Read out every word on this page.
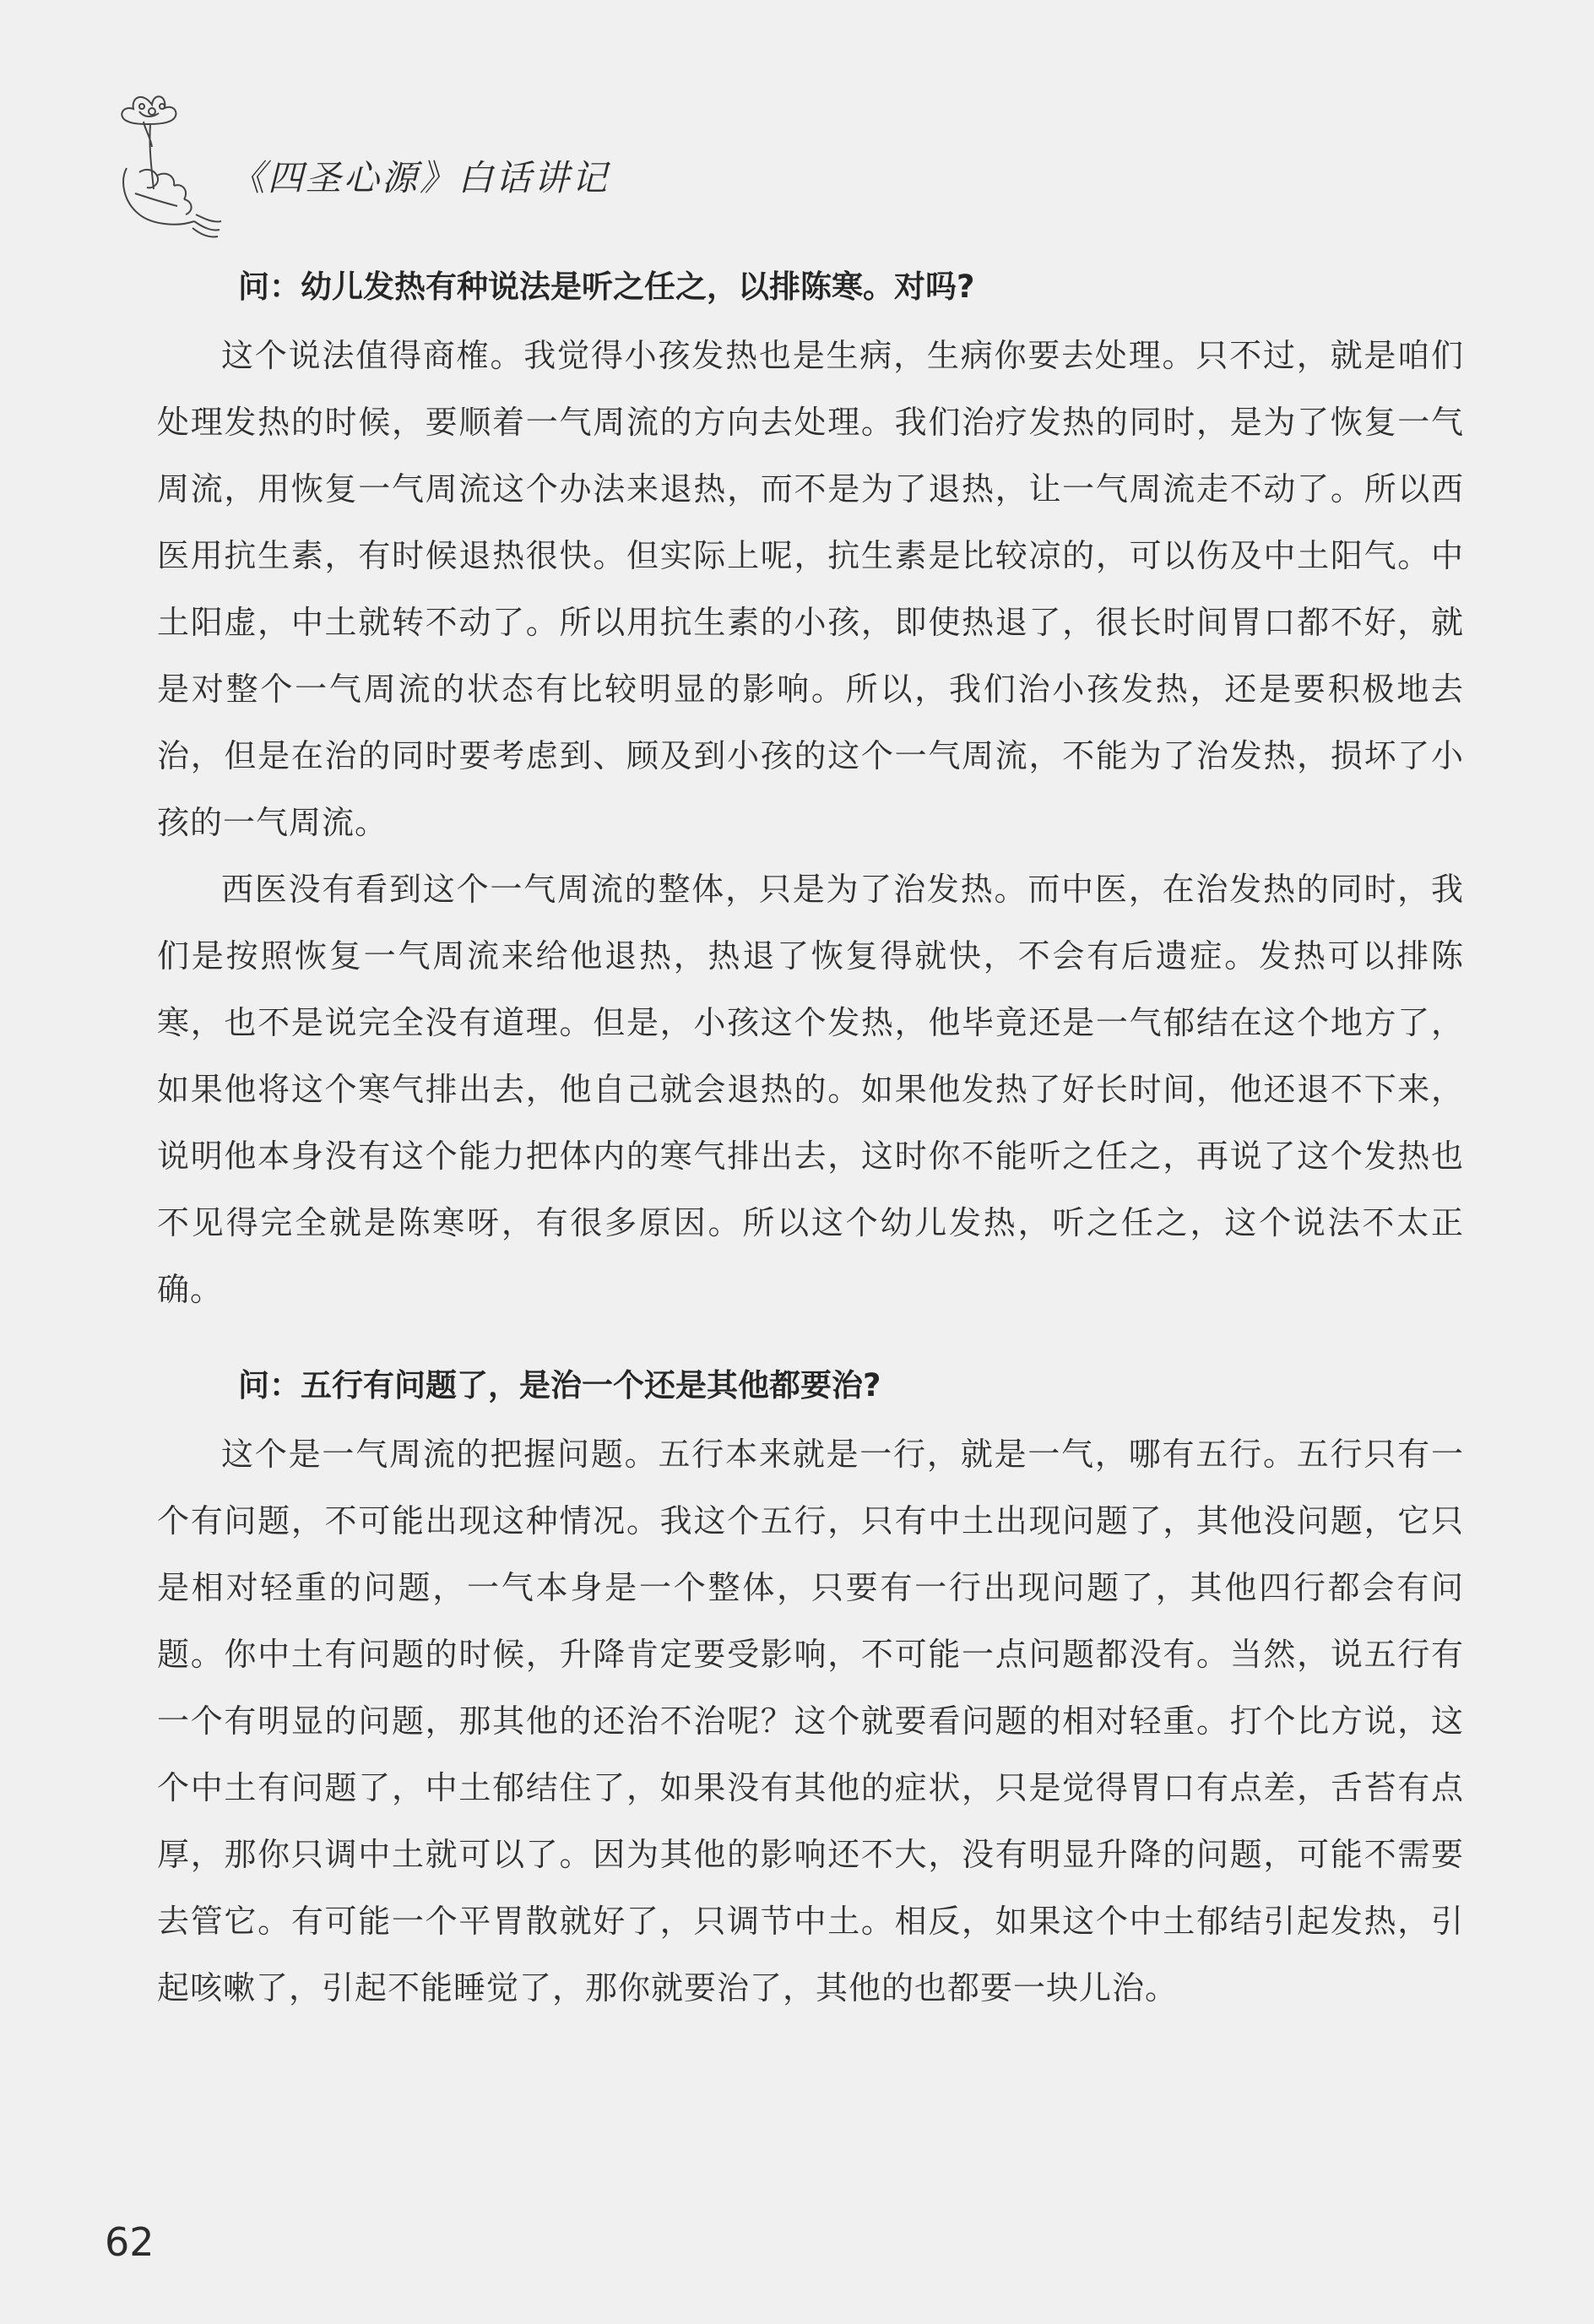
《四圣心源》白话讲记
问：幼儿发热有种说法是听之任之，以排陈寒。对吗?

这个说法值得商榷。我觉得小孩发热也是生病，生病你要去处理。只不过，就是咱们处理发热的时候，要顺着一气周流的方向去处理。我们治疗发热的同时，是为了恢复一气周流，用恢复一气周流这个办法来退热，而不是为了退热，让一气周流走不动了。所以西医用抗生素，有时候退热很快。但实际上呢，抗生素是比较凉的，可以伤及中土阳气。中土阳虚，中土就转不动了。所以用抗生素的小孩，即使热退了，很长时间胃口都不好，就是对整个一气周流的状态有比较明显的影响。所以，我们治小孩发热，还是要积极地去治，但是在治的同时要考虑到、顾及到小孩的这个一气周流，不能为了治发热，损坏了小孩的一气周流。

西医没有看到这个一气周流的整体，只是为了治发热。而中医，在治发热的同时，我们是按照恢复一气周流来给他退热，热退了恢复得就快，不会有后遗症。发热可以排陈寒，也不是说完全没有道理。但是，小孩这个发热，他毕竟还是一气郁结在这个地方了，如果他将这个寒气排出去，他自己就会退热的。如果他发热了好长时间，他还退不下来，说明他本身没有这个能力把体内的寒气排出去，这时你不能听之任之，再说了这个发热也不见得完全就是陈寒呀，有很多原因。所以这个幼儿发热，听之任之，这个说法不太正确。

问：五行有问题了，是治一个还是其他都要治?

这个是一气周流的把握问题。五行本来就是一行，就是一气，哪有五行。五行只有一个有问题，不可能出现这种情况。我这个五行，只有中土出现问题了，其他没问题，它只是相对轻重的问题，一气本身是一个整体，只要有一行出现问题了，其他四行都会有问题。你中土有问题的时候，升降肯定要受影响，不可能一点问题都没有。当然，说五行有一个有明显的问题，那其他的还治不治呢？这个就要看问题的相对轻重。打个比方说，这个中土有问题了，中土郁结住了，如果没有其他的症状，只是觉得胃口有点差，舌苔有点厚，那你只调中土就可以了。因为其他的影响还不大，没有明显升降的问题，可能不需要去管它。有可能一个平胃散就好了，只调节中土。相反，如果这个中土郁结引起发热，引起咳嗽了，引起不能睡觉了，那你就要治了，其他的也都要一块儿治。

62
